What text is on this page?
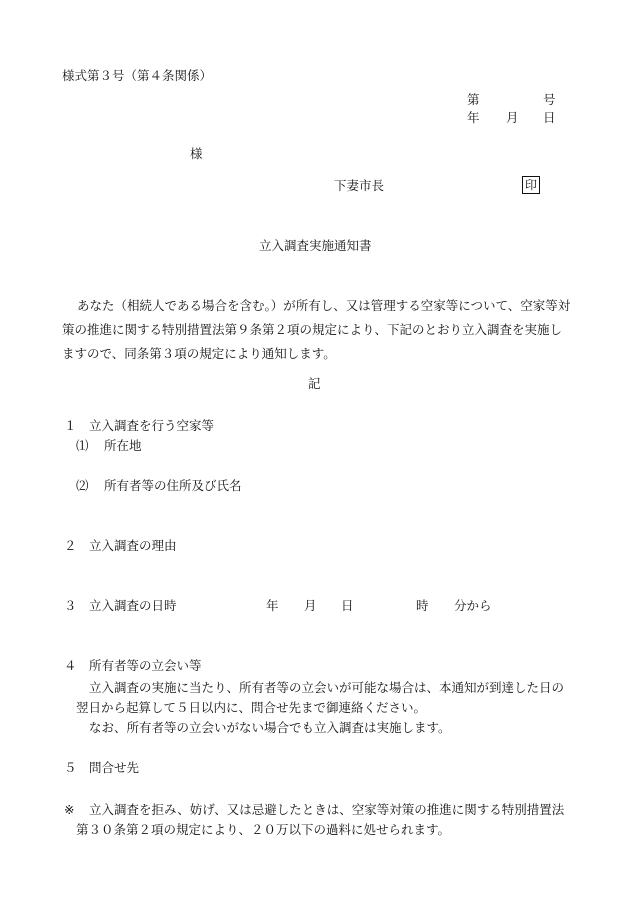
様式第３号（第４条関係）
第	号
年 月 日
様
下妻市長	印
立入調査実施通知書
あなた（相続人である場合を含む。）が所有し、又は管理する空家等について、空家等対
策の推進に関する特別措置法第９条第２項の規定により、下記のとおり立入調査を実施し
ますので、同条第３項の規定により通知します。
記
１ 立入調査を行う空家等
⑴ 所在地
⑵ 所有者等の住所及び氏名
２ 立入調査の理由
３ 立入調査の日時	年 月 日	時 分から
４ 所有者等の立会い等
立入調査の実施に当たり、所有者等の立会いが可能な場合は、本通知が到達した日の
翌日から起算して５日以内に、問合せ先まで御連絡ください。
なお、所有者等の立会いがない場合でも立入調査は実施します。
５ 問合せ先
※ 立入調査を拒み、妨げ、又は忌避したときは、空家等対策の推進に関する特別措置法
第３０条第２項の規定により、２０万以下の過料に処せられます。
